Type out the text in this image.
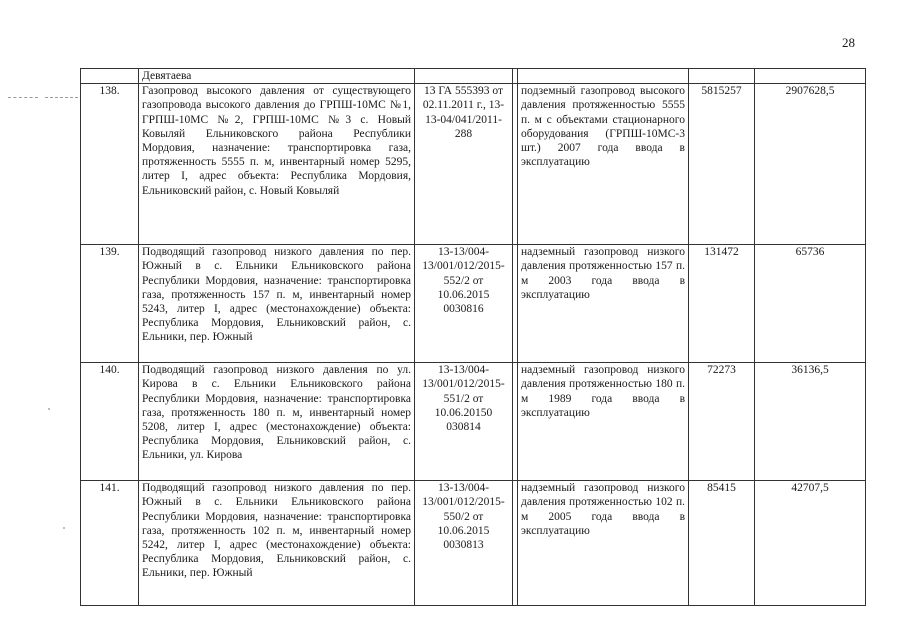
28
	Девятаева					
138.	Газопровод высокого давления от существующего газопровода высокого давления до ГРПШ-10МС №1, ГРПШ-10МС №2, ГРПШ-10МС №3 с. Новый Ковыляй Ельниковского района Республики Мордовия, назначение: транспортировка газа, протяженность 5555 п. м, инвентарный номер 5295, литер I, адрес объекта: Республика Мордовия, Ельниковский район, с. Новый Ковыляй	13 ГА 555393 от 02.11.2011 г., 13-13-04/041/2011-288		подземный газопровод высокого давления протяженностью 5555 п. м с объектами стационарного оборудования (ГРПШ-10МС-3 шт.) 2007 года ввода в эксплуатацию	5815257	2907628,5
139.	Подводящий газопровод низкого давления по пер. Южный в с. Ельники Ельниковского района Республики Мордовия, назначение: транспортировка газа, протяженность 157 п. м, инвентарный номер 5243, литер I, адрес (местонахождение) объекта: Республика Мордовия, Ельниковский район, с. Ельники, пер. Южный	13-13/004-13/001/012/2015-552/2 от 10.06.2015 0030816		надземный газопровод низкого давления протяженностью 157 п. м 2003 года ввода в эксплуатацию	131472	65736
140.	Подводящий газопровод низкого давления по ул. Кирова в с. Ельники Ельниковского района Республики Мордовия, назначение: транспортировка газа, протяженность 180 п. м, инвентарный номер 5208, литер I, адрес (местонахождение) объекта: Республика Мордовия, Ельниковский район, с. Ельники, ул. Кирова	13-13/004-13/001/012/2015-551/2 от 10.06.20150 030814		надземный газопровод низкого давления протяженностью 180 п. м 1989 года ввода в эксплуатацию	72273	36136,5
141.	Подводящий газопровод низкого давления по пер. Южный в с. Ельники Ельниковского района Республики Мордовия, назначение: транспортировка газа, протяженность 102 п. м, инвентарный номер 5242, литер I, адрес (местонахождение) объекта: Республика Мордовия, Ельниковский район, с. Ельники, пер. Южный	13-13/004-13/001/012/2015-550/2 от 10.06.2015 0030813		надземный газопровод низкого давления протяженностью 102 п. м 2005 года ввода в эксплуатацию	85415	42707,5
